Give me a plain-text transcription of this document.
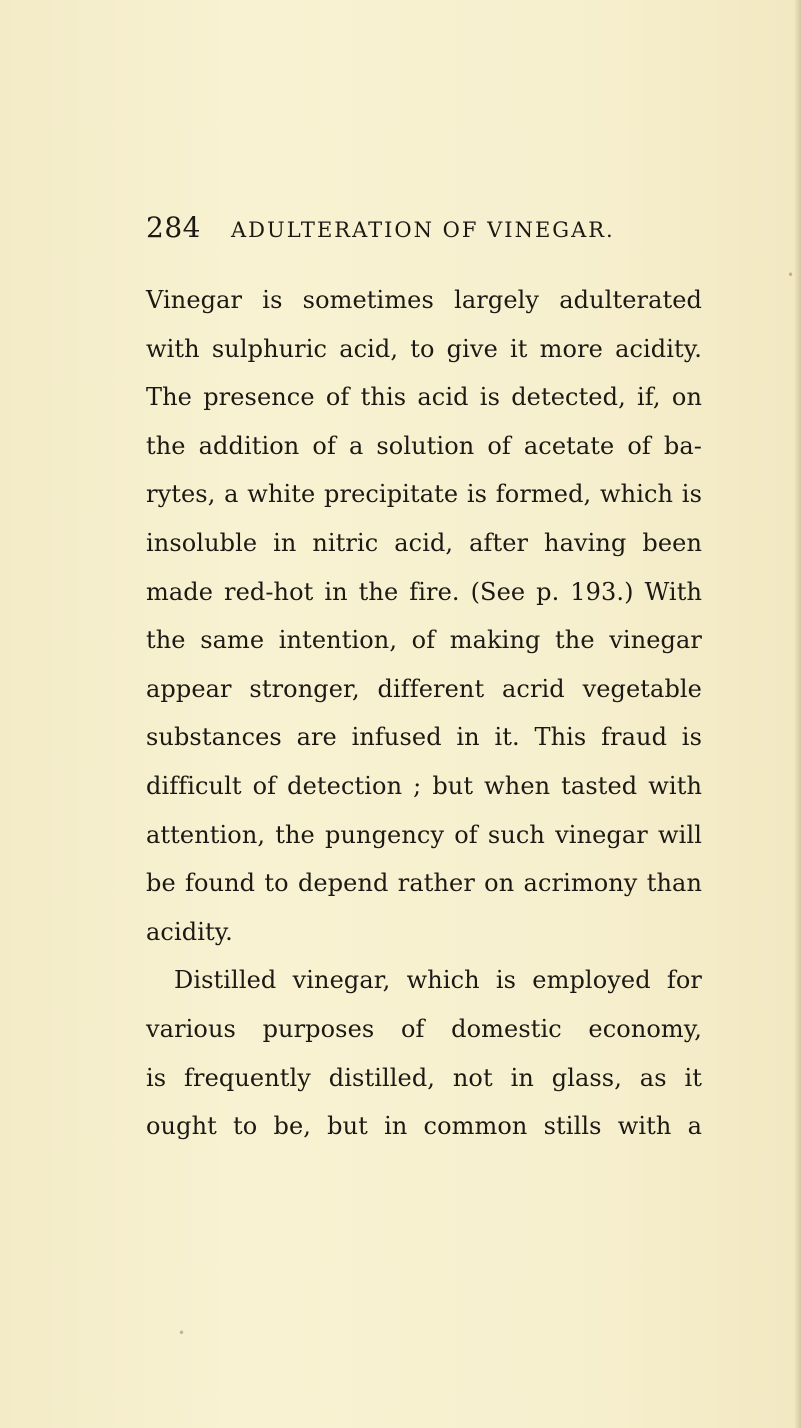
284 ADULTERATION OF VINEGAR.
Vinegar is sometimes largely adulterated
with sulphuric acid, to give it more acidity.
The presence of this acid is detected, if, on
the addition of a solution of acetate of ba-
rytes, a white precipitate is formed, which is
insoluble in nitric acid, after having been
made red-hot in the fire. (See p. 193.) With
the same intention, of making the vinegar
appear stronger, different acrid vegetable
substances are infused in it. This fraud is
difficult of detection ; but when tasted with
attention, the pungency of such vinegar will
be found to depend rather on acrimony than
acidity.
Distilled vinegar, which is employed for
various purposes of domestic economy,
is frequently distilled, not in glass, as it
ought to be, but in common stills with a
•
•
